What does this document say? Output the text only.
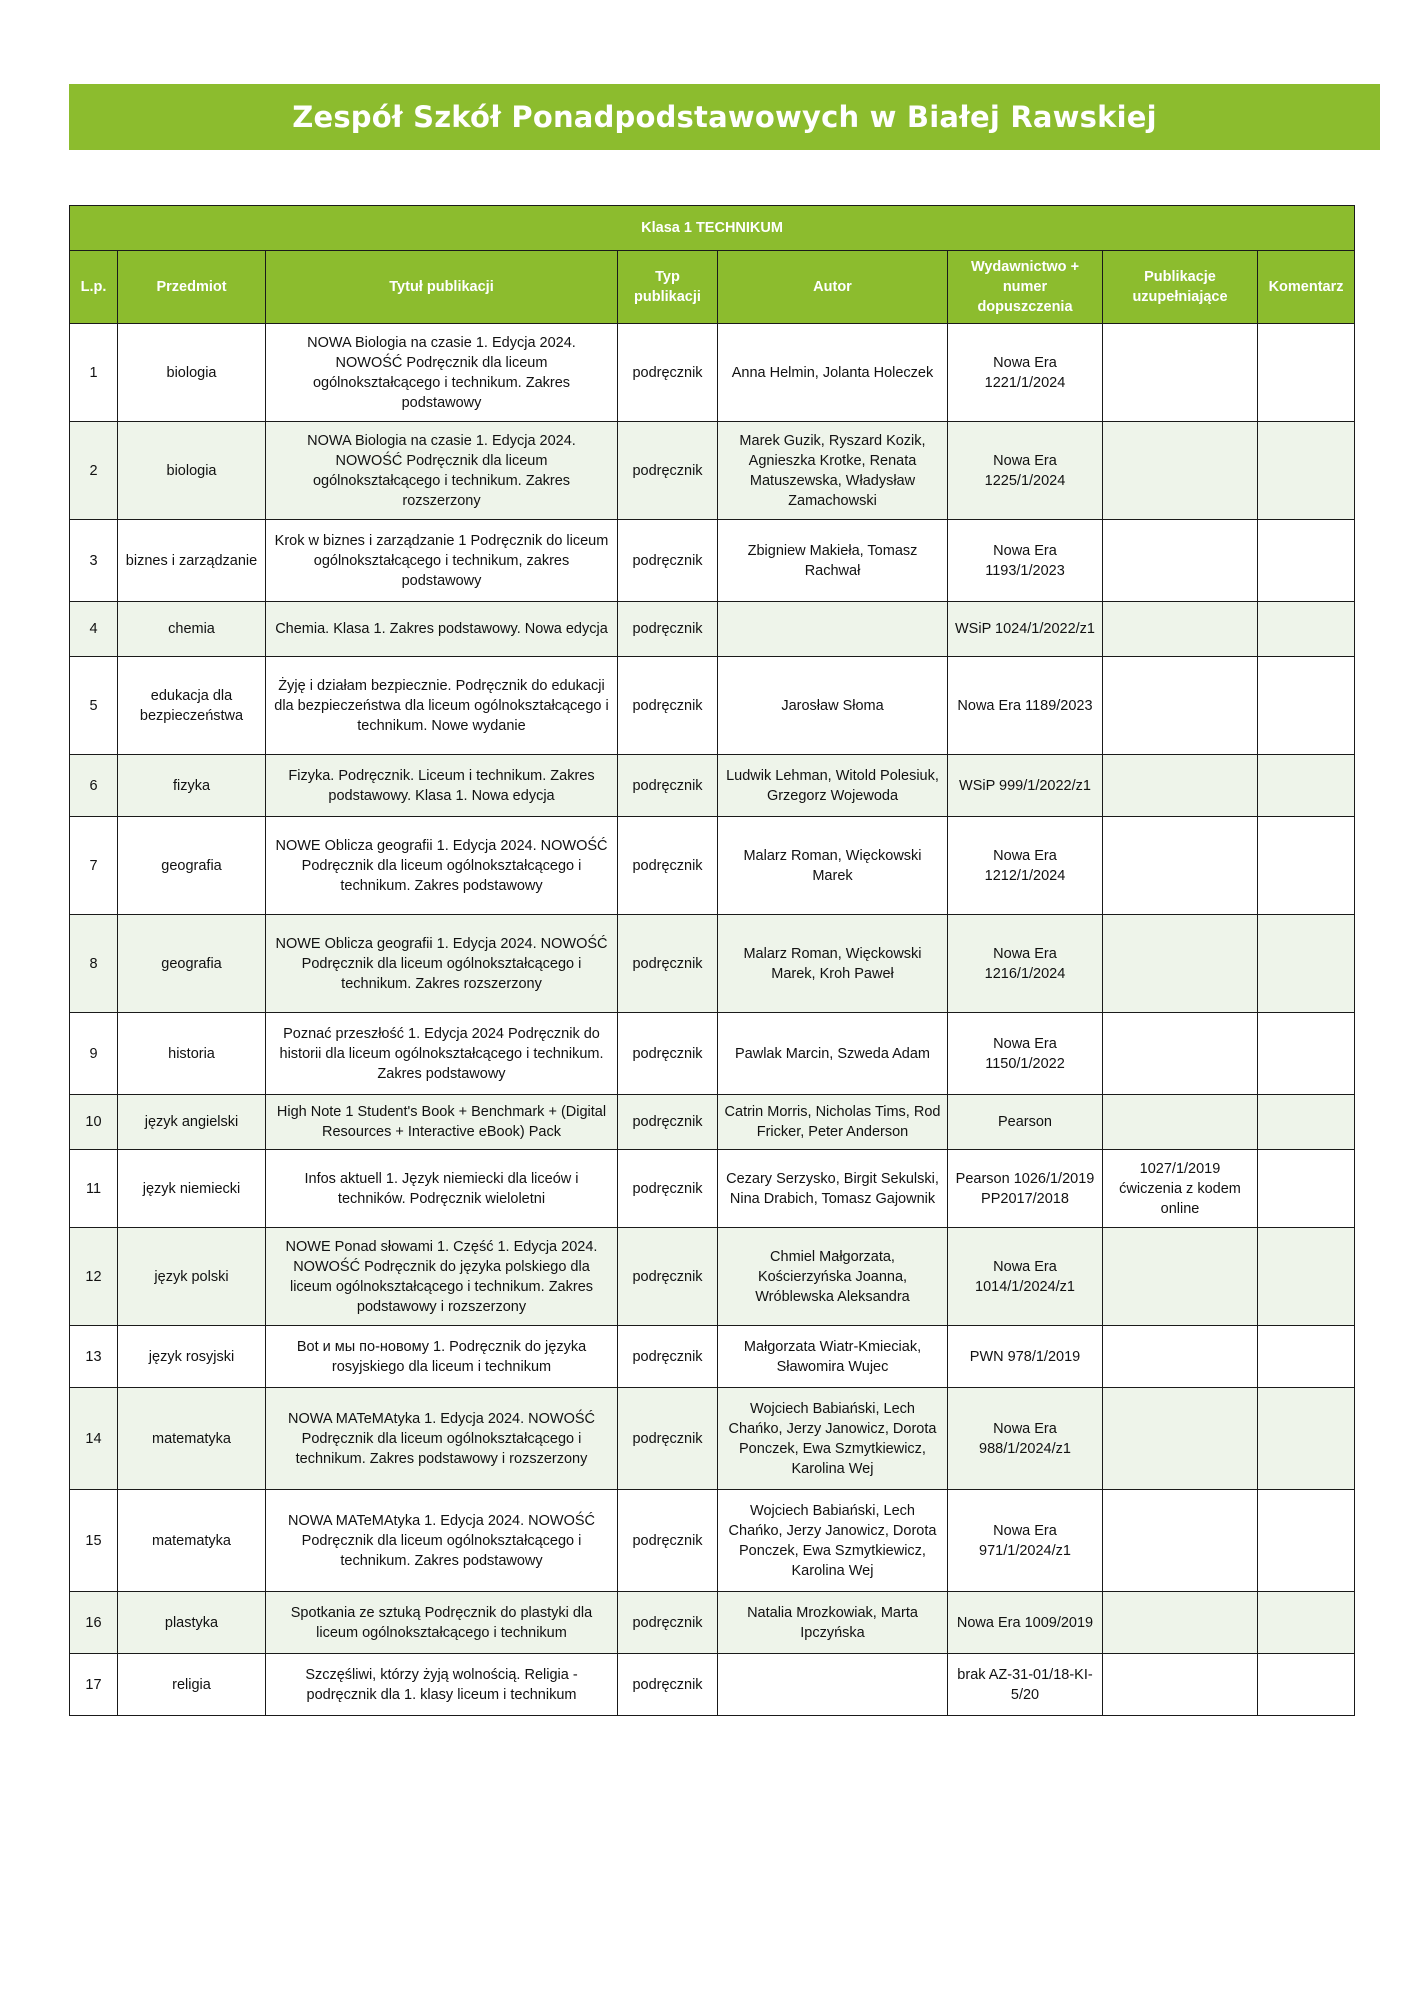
Zespół Szkół Ponadpodstawowych w Białej Rawskiej
Klasa 1 TECHNIKUM							
L.p.	Przedmiot	Tytuł publikacji	Typ publikacji	Autor	Wydawnictwo + numer dopuszczenia	Publikacje uzupełniające	Komentarz
1	biologia	NOWA Biologia na czasie 1. Edycja 2024. NOWOŚĆ Podręcznik dla liceum ogólnokształcącego i technikum. Zakres podstawowy	podręcznik	Anna Helmin, Jolanta Holeczek	Nowa Era 1221/1/2024		
2	biologia	NOWA Biologia na czasie 1. Edycja 2024. NOWOŚĆ Podręcznik dla liceum ogólnokształcącego i technikum. Zakres rozszerzony	podręcznik	Marek Guzik, Ryszard Kozik, Agnieszka Krotke, Renata Matuszewska, Władysław Zamachowski	Nowa Era 1225/1/2024		
3	biznes i zarządzanie	Krok w biznes i zarządzanie 1 Podręcznik do liceum ogólnokształcącego i technikum, zakres podstawowy	podręcznik	Zbigniew Makieła, Tomasz Rachwał	Nowa Era 1193/1/2023		
4	chemia	Chemia. Klasa 1. Zakres podstawowy. Nowa edycja	podręcznik		WSiP 1024/1/2022/z1		
5	edukacja dla bezpieczeństwa	Żyję i działam bezpiecznie. Podręcznik do edukacji dla bezpieczeństwa dla liceum ogólnokształcącego i technikum. Nowe wydanie	podręcznik	Jarosław Słoma	Nowa Era 1189/2023		
6	fizyka	Fizyka. Podręcznik. Liceum i technikum. Zakres podstawowy. Klasa 1. Nowa edycja	podręcznik	Ludwik Lehman, Witold Polesiuk, Grzegorz Wojewoda	WSiP 999/1/2022/z1		
7	geografia	NOWE Oblicza geografii 1. Edycja 2024. NOWOŚĆ Podręcznik dla liceum ogólnokształcącego i technikum. Zakres podstawowy	podręcznik	Malarz Roman, Więckowski Marek	Nowa Era 1212/1/2024		
8	geografia	NOWE Oblicza geografii 1. Edycja 2024. NOWOŚĆ Podręcznik dla liceum ogólnokształcącego i technikum. Zakres rozszerzony	podręcznik	Malarz Roman, Więckowski Marek, Kroh Paweł	Nowa Era 1216/1/2024		
9	historia	Poznać przeszłość 1. Edycja 2024 Podręcznik do historii dla liceum ogólnokształcącego i technikum. Zakres podstawowy	podręcznik	Pawlak Marcin, Szweda Adam	Nowa Era 1150/1/2022		
10	język angielski	High Note 1 Student's Book + Benchmark + (Digital Resources + Interactive eBook) Pack	podręcznik	Catrin Morris, Nicholas Tims, Rod Fricker, Peter Anderson	Pearson		
11	język niemiecki	Infos aktuell 1. Język niemiecki dla liceów i techników. Podręcznik wieloletni	podręcznik	Cezary Serzysko, Birgit Sekulski, Nina Drabich, Tomasz Gajownik	Pearson 1026/1/2019 PP2017/2018	1027/1/2019 ćwiczenia z kodem online	
12	język polski	NOWE Ponad słowami 1. Część 1. Edycja 2024. NOWOŚĆ Podręcznik do języka polskiego dla liceum ogólnokształcącego i technikum. Zakres podstawowy i rozszerzony	podręcznik	Chmiel Małgorzata, Kościerzyńska Joanna, Wróblewska Aleksandra	Nowa Era 1014/1/2024/z1		
13	język rosyjski	Bot и мы по-новому 1. Podręcznik do języka rosyjskiego dla liceum i technikum	podręcznik	Małgorzata Wiatr-Kmieciak, Sławomira Wujec	PWN 978/1/2019		
14	matematyka	NOWA MATeMAtyka 1. Edycja 2024. NOWOŚĆ Podręcznik dla liceum ogólnokształcącego i technikum. Zakres podstawowy i rozszerzony	podręcznik	Wojciech Babiański, Lech Chańko, Jerzy Janowicz, Dorota Ponczek, Ewa Szmytkiewicz, Karolina Wej	Nowa Era 988/1/2024/z1		
15	matematyka	NOWA MATeMAtyka 1. Edycja 2024. NOWOŚĆ Podręcznik dla liceum ogólnokształcącego i technikum. Zakres podstawowy	podręcznik	Wojciech Babiański, Lech Chańko, Jerzy Janowicz, Dorota Ponczek, Ewa Szmytkiewicz, Karolina Wej	Nowa Era 971/1/2024/z1		
16	plastyka	Spotkania ze sztuką Podręcznik do plastyki dla liceum ogólnokształcącego i technikum	podręcznik	Natalia Mrozkowiak, Marta Ipczyńska	Nowa Era 1009/2019		
17	religia	Szczęśliwi, którzy żyją wolnością. Religia - podręcznik dla 1. klasy liceum i technikum	podręcznik		brak AZ-31-01/18-KI-5/20		
